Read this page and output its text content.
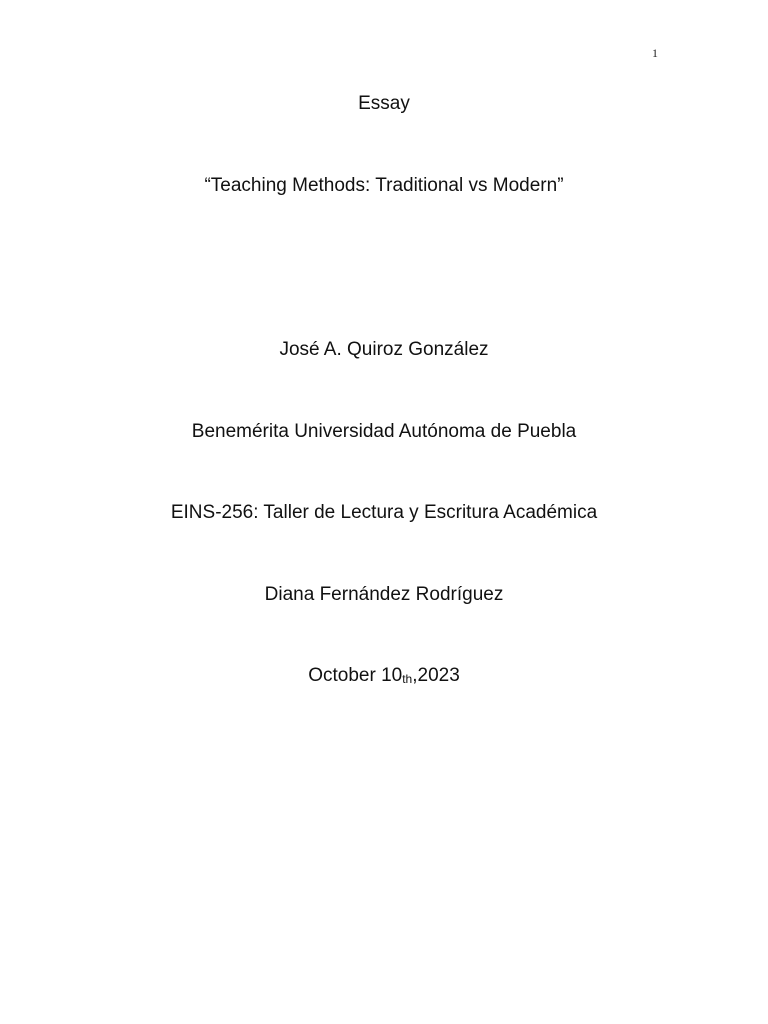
1
Essay
“Teaching Methods: Traditional vs Modern”
José A. Quiroz González
Benemérita Universidad Autónoma de Puebla
EINS-256: Taller de Lectura y Escritura Académica
Diana Fernández Rodríguez
October 10th,2023
